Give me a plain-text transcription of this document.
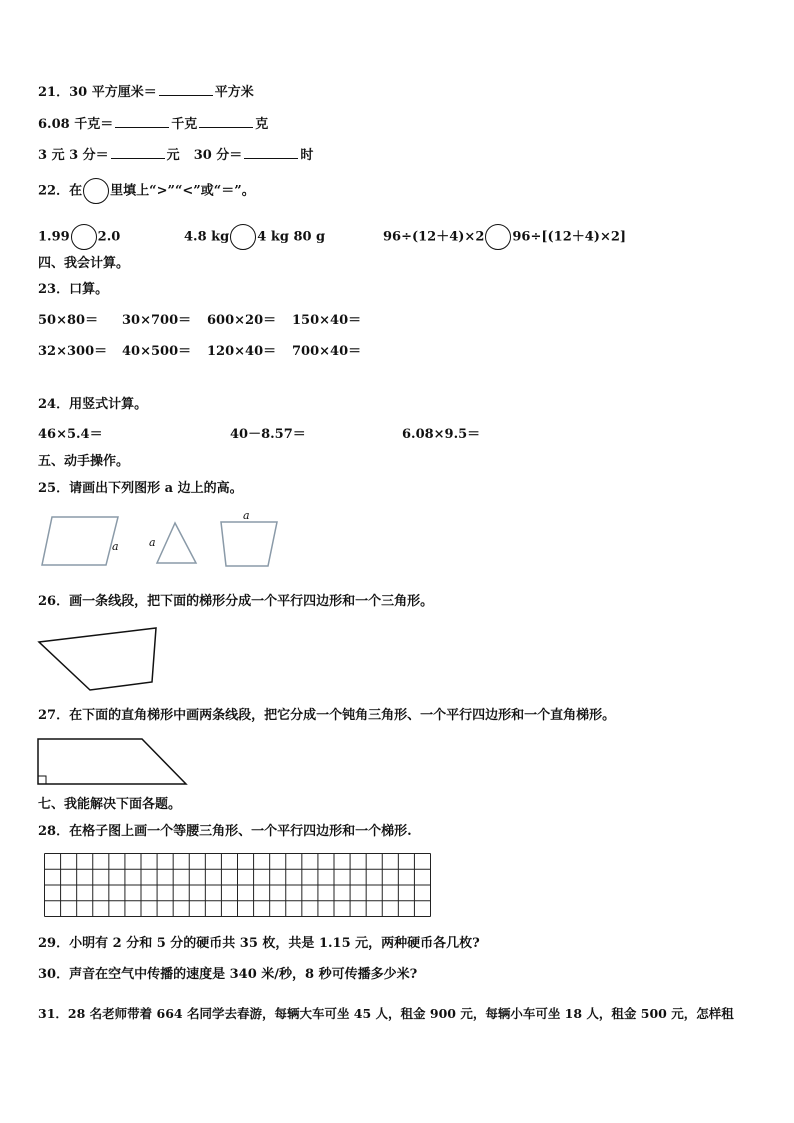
21．30 平方厘米＝	平方米
6.08 千克＝	千克	克
3 元 3 分＝	元 30 分＝	时
22．在 里填上“>”“<”或“＝”。
1.99 2.0	4.8 kg 4 kg 80 g	96÷(12＋4)×2 96÷[(12＋4)×2]
四、我会计算。
23．口算。
50×80＝ 30×700＝ 600×20＝ 150×40＝
32×300＝ 40×500＝ 120×40＝ 700×40＝
24．用竖式计算。
46×5.4＝	40－8.57＝	6.08×9.5＝
五、动手操作。
25．请画出下列图形 a 边上的高。
a	a
a
26．画一条线段，把下面的梯形分成一个平行四边形和一个三角形。
27．在下面的直角梯形中画两条线段，把它分成一个钝角三角形、一个平行四边形和一个直角梯形。
七、我能解决下面各题。
28．在格子图上画一个等腰三角形、一个平行四边形和一个梯形.
29．小明有 2 分和 5 分的硬币共 35 枚，共是 1.15 元，两种硬币各几枚?
30．声音在空气中传播的速度是 340 米/秒，8 秒可传播多少米?
31．28 名老师带着 664 名同学去春游，每辆大车可坐 45 人，租金 900 元，每辆小车可坐 18 人，租金 500 元，怎样租
